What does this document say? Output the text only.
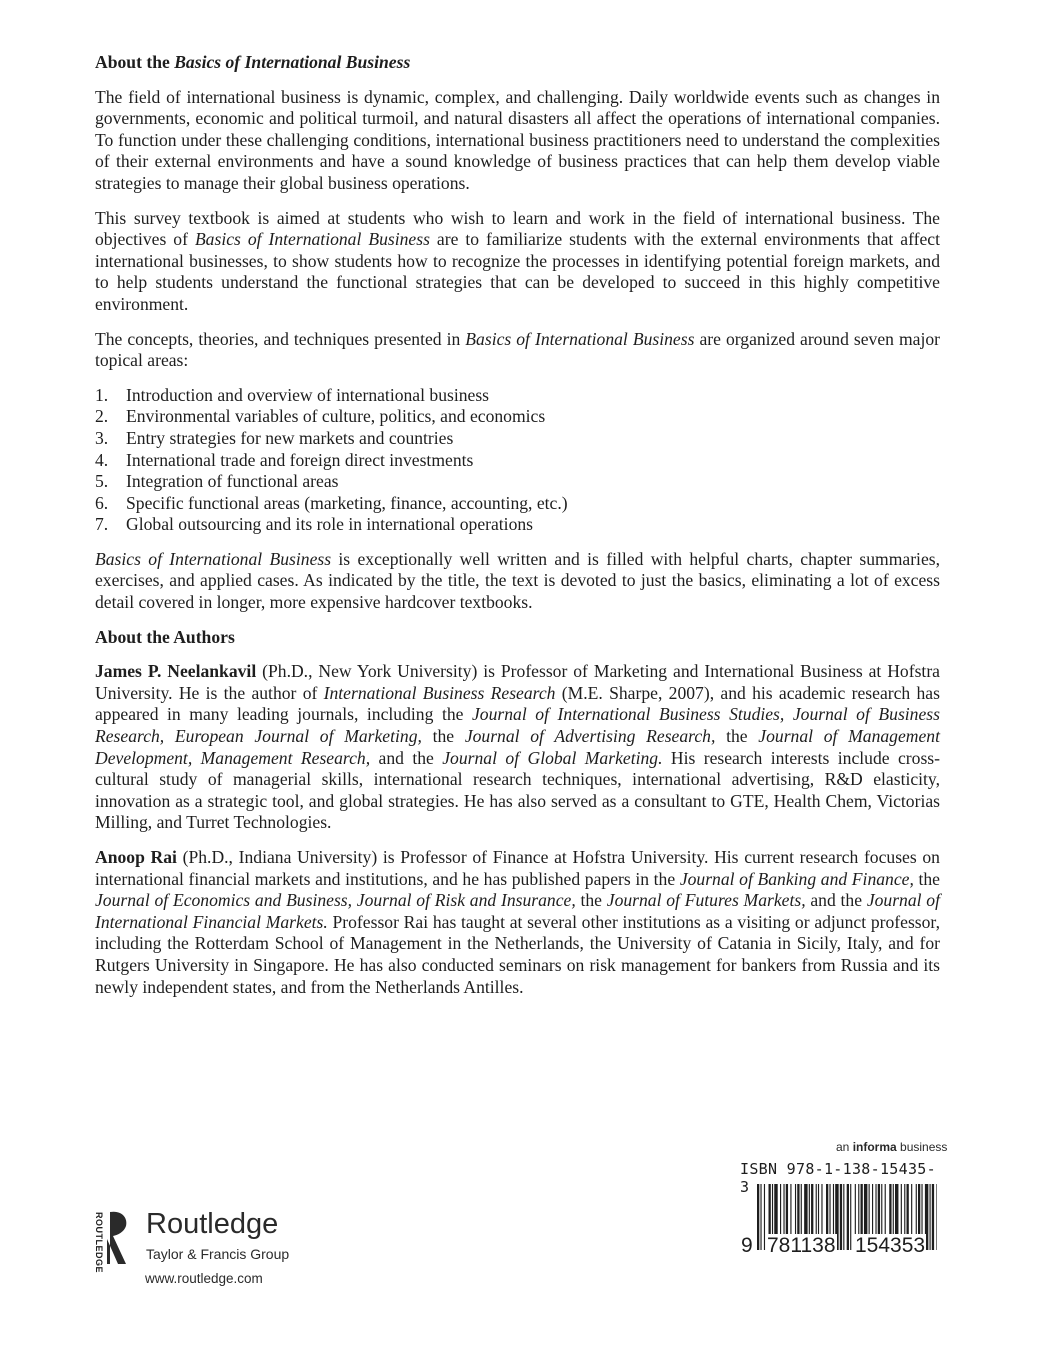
About the Basics of International Business

The field of international business is dynamic, complex, and challenging. Daily worldwide events such as changes in governments, economic and political turmoil, and natural disasters all affect the operations of international companies. To function under these challenging conditions, international business practitioners need to understand the complexities of their external environments and have a sound knowledge of business practices that can help them develop viable strategies to manage their global business operations.

This survey textbook is aimed at students who wish to learn and work in the field of international business. The objectives of Basics of International Business are to familiarize students with the external environments that affect international businesses, to show students how to recognize the processes in identifying potential foreign markets, and to help students understand the functional strategies that can be developed to succeed in this highly competitive environment.

The concepts, theories, and techniques presented in Basics of International Business are organized around seven major topical areas:

1.	Introduction and overview of international business
2.	Environmental variables of culture, politics, and economics
3.	Entry strategies for new markets and countries
4.	International trade and foreign direct investments
5.	Integration of functional areas
6.	Specific functional areas (marketing, finance, accounting, etc.)
7.	Global outsourcing and its role in international operations

Basics of International Business is exceptionally well written and is filled with helpful charts, chapter summaries, exercises, and applied cases. As indicated by the title, the text is devoted to just the basics, eliminating a lot of excess detail covered in longer, more expensive hardcover textbooks.

About the Authors

James P. Neelankavil (Ph.D., New York University) is Professor of Marketing and International Business at Hofstra University. He is the author of International Business Research (M.E. Sharpe, 2007), and his academic research has appeared in many leading journals, including the Journal of International Business Studies, Journal of Business Research, European Journal of Marketing, the Journal of Advertising Research, the Journal of Management Development, Management Research, and the Journal of Global Marketing. His research interests include cross-cultural study of managerial skills, international research techniques, international advertising, R&D elasticity, innovation as a strategic tool, and global strategies. He has also served as a consultant to GTE, Health Chem, Victorias Milling, and Turret Technologies.

Anoop Rai (Ph.D., Indiana University) is Professor of Finance at Hofstra University. His current research focuses on international financial markets and institutions, and he has published papers in the Journal of Banking and Finance, the Journal of Economics and Business, Journal of Risk and Insurance, the Journal of Futures Markets, and the Journal of International Financial Markets. Professor Rai has taught at several other institutions as a visiting or adjunct professor, including the Rotterdam School of Management in the Netherlands, the University of Catania in Sicily, Italy, and for Rutgers University in Singapore. He has also conducted seminars on risk management for bankers from Russia and its newly independent states, and from the Netherlands Antilles.

ROUTLEDGE Routledge
Taylor & Francis Group
www.routledge.com
an informa business
ISBN 978-1-138-15435-3
9 781138 154353
